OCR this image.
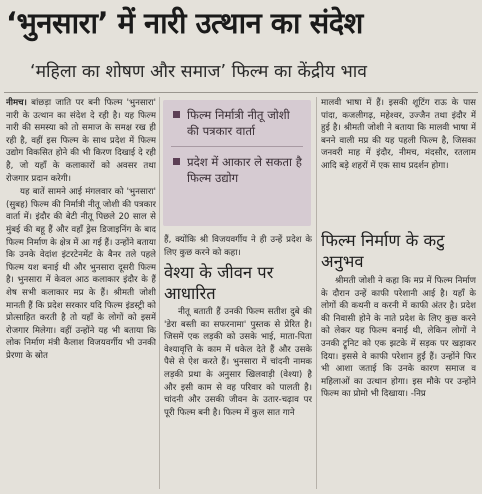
‘भुनसारा’ में नारी उत्थान का संदेश
‘महिला का शोषण और समाज’ फिल्म का केंद्रीय भाव

नीमच। बांछड़ा जाति पर बनी फिल्म 'भुनसारा' नारी के उत्थान का संदेश दे रही है। यह फिल्म नारी की समस्या को तो समाज के समक्ष रख ही रही है, वहीं इस फिल्म के साथ प्रदेश में फिल्म उद्योग विकसित होने की भी किरण दिखाई दे रही है, जो यहाँ के कलाकारों को अवसर तथा रोजगार प्रदान करेगी।

यह बातें सामने आई मंगलवार को 'भुनसारा' (सुबह) फिल्म की निर्मात्री नीतू जोशी की पत्रकार वार्ता में। इंदौर की बेटी नीतू पिछले 20 साल से मुंबई की बहू हैं और वहाँ ड्रेस डिजाइनिंग के बाद फिल्म निर्माण के क्षेत्र में आ गई हैं। उन्होंने बताया कि उनके वेदांश इंटरटेनमेंट के बैनर तले पहले फिल्म यश बनाई थी और भुनसारा दूसरी फिल्म है। भुनसारा में केवल आठ कलाकार इंदौर के हैं शेष सभी कलाकार मप्र के हैं। श्रीमती जोशी मानती हैं कि प्रदेश सरकार यदि फिल्म इंडस्ट्री को प्रोत्साहित करती है तो यहाँ के लोगों को इसमें रोजगार मिलेगा। वहीं उन्होंने यह भी बताया कि लोक निर्माण मंत्री कैलाश विजयवर्गीय भी उनकी प्रेरणा के स्रोत

फिल्म निर्मात्री नीतू जोशी की पत्रकार वार्ता
प्रदेश में आकार ले सकता है फिल्म उद्योग

हैं, क्योंकि श्री विजयवर्गीय ने ही उन्हें प्रदेश के लिए कुछ करने को कहा।

वेश्या के जीवन पर आधारित

नीतू बताती हैं उनकी फिल्म सतीश दुबे की 'डेरा बस्ती का सफरनामा' पुस्तक से प्रेरित है। जिसमें एक लड़की को उसके भाई, माता-पिता वेश्यावृत्ति के काम में धकेल देते हैं और उसके पैसे से ऐश करते हैं। भुनसारा में चांदनी नामक लड़की प्रथा के अनुसार खिलवाड़ी (वेश्या) है और इसी काम से वह परिवार को पालती है। चांदनी और उसकी जीवन के उतार-चढ़ाव पर पूरी फिल्म बनी है। फिल्म में कुल सात गाने

मालवी भाषा में हैं। इसकी शूटिंग राऊ के पास पांदा, कजलीगढ़, महेश्वर, उज्जैन तथा इंदौर में हुई है। श्रीमती जोशी ने बताया कि मालवी भाषा में बनने वाली मप्र की यह पहली फिल्म है, जिसका जनवरी माह में इंदौर, नीमच, मंदसौर, रतलाम आदि बड़े शहरों में एक साथ प्रदर्शन होगा।

फिल्म निर्माण के कटु अनुभव

श्रीमती जोशी ने कहा कि मप्र में फिल्म निर्माण के दौरान उन्हें काफी परेशानी आई है। यहाँ के लोगों की कथनी व करनी में काफी अंतर है। प्रदेश की निवासी होने के नाते प्रदेश के लिए कुछ करने को लेकर यह फिल्म बनाई थी, लेकिन लोगों ने उनकी ट्रूनिट को एक झटके में सड़क पर खड़ाकर दिया। इससे वे काफी परेशान हुईं हैं। उन्होंने फिर भी आशा जताई कि उनके कारण समाज व महिलाओं का उत्थान होगा। इस मौके पर उन्होंने फिल्म का प्रोमो भी दिखाया। -निप्र
